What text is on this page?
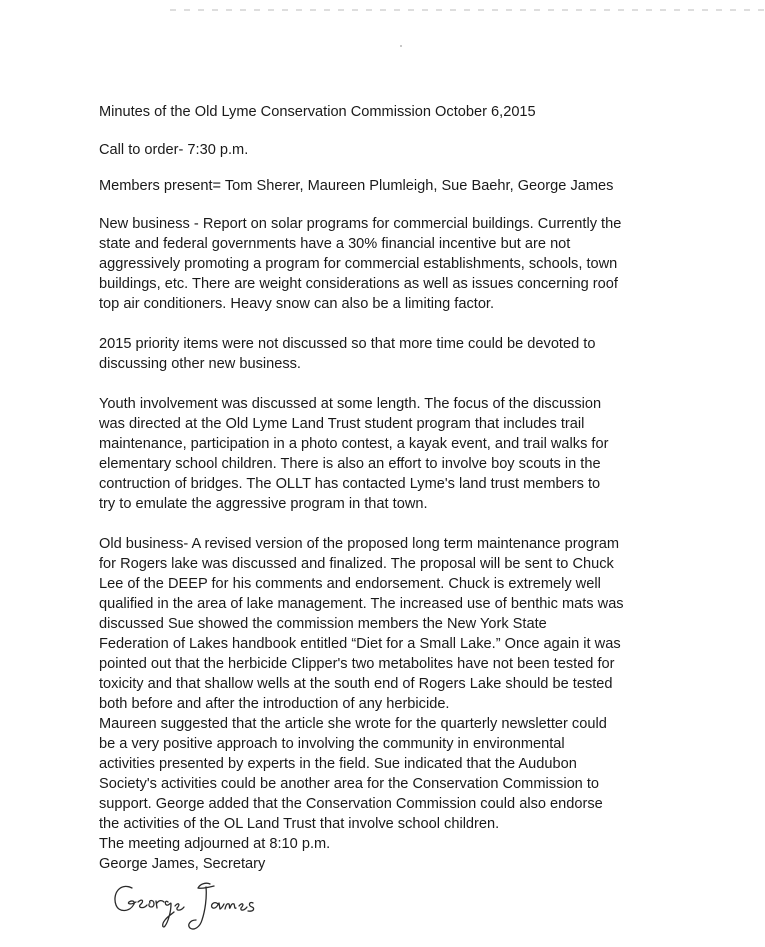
Minutes of the Old Lyme Conservation Commission October 6,2015

Call to order- 7:30 p.m.

Members present= Tom Sherer, Maureen Plumleigh, Sue Baehr, George James

New business - Report on solar programs for commercial buildings. Currently the
state and federal governments have a 30% financial incentive but are not
aggressively promoting a program for commercial establishments, schools, town
buildings, etc. There are weight considerations as well as issues concerning roof
top air conditioners. Heavy snow can also be a limiting factor.
2015 priority items were not discussed so that more time could be devoted to
discussing other new business.
Youth involvement was discussed at some length. The focus of the discussion
was directed at the Old Lyme Land Trust student program that includes trail
maintenance, participation in a photo contest, a kayak event, and trail walks for
elementary school children. There is also an effort to involve boy scouts in the
contruction of bridges. The OLLT has contacted Lyme's land trust members to
try to emulate the aggressive program in that town.
Old business- A revised version of the proposed long term maintenance program
for Rogers lake was discussed and finalized. The proposal will be sent to Chuck
Lee of the DEEP for his comments and endorsement. Chuck is extremely well
qualified in the area of lake management. The increased use of benthic mats was
discussed Sue showed the commission members the New York State
Federation of Lakes handbook entitled “Diet for a Small Lake.” Once again it was
pointed out that the herbicide Clipper's two metabolites have not been tested for
toxicity and that shallow wells at the south end of Rogers Lake should be tested
both before and after the introduction of any herbicide.
Maureen suggested that the article she wrote for the quarterly newsletter could
be a very positive approach to involving the community in environmental
activities presented by experts in the field. Sue indicated that the Audubon
Society's activities could be another area for the Conservation Commission to
support. George added that the Conservation Commission could also endorse
the activities of the OL Land Trust that involve school children.

The meeting adjourned at 8:10 p.m.

George James, Secretary
